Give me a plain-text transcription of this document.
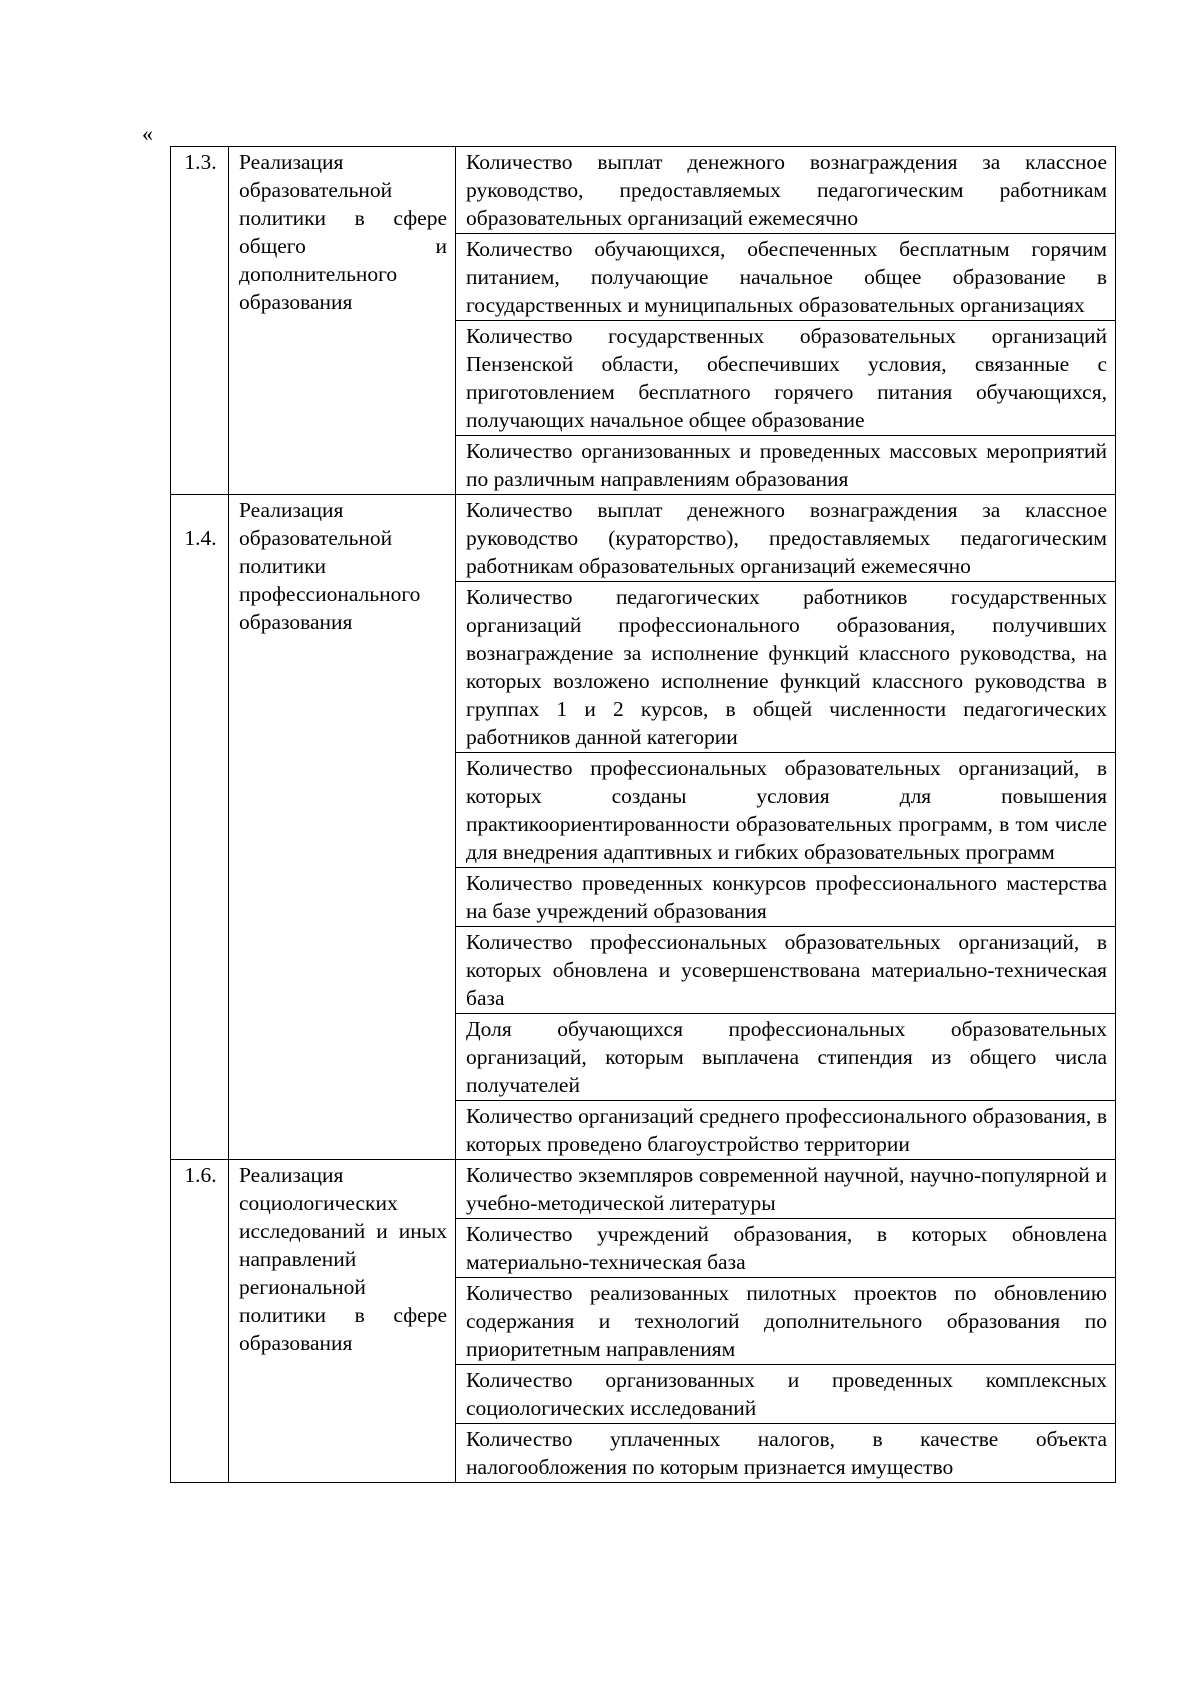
«
1.3.	Реализация образовательной политики в сфере общего и дополнительного образования	Количество выплат денежного вознаграждения за классное руководство, предоставляемых педагогическим работникам образовательных организаций ежемесячно
		Количество обучающихся, обеспеченных бесплатным горячим питанием, получающие начальное общее образование в государственных и муниципальных образовательных организациях
		Количество государственных образовательных организаций Пензенской области, обеспечивших условия, связанные с приготовлением бесплатного горячего питания обучающихся, получающих начальное общее образование
		Количество организованных и проведенных массовых мероприятий по различным направлениям образования
1.4.	Реализация образовательной политики профессионального образования	Количество выплат денежного вознаграждения за классное руководство (кураторство), предоставляемых педагогическим работникам образовательных организаций ежемесячно
		Количество педагогических работников государственных организаций профессионального образования, получивших вознаграждение за исполнение функций классного руководства, на которых возложено исполнение функций классного руководства в группах 1 и 2 курсов, в общей численности педагогических работников данной категории
		Количество профессиональных образовательных организаций, в которых созданы условия для повышения практикоориентированности образовательных программ, в том числе для внедрения адаптивных и гибких образовательных программ
		Количество проведенных конкурсов профессионального мастерства на базе учреждений образования
		Количество профессиональных образовательных организаций, в которых обновлена и усовершенствована материально-техническая база
		Доля обучающихся профессиональных образовательных организаций, которым выплачена стипендия из общего числа получателей
		Количество организаций среднего профессионального образования, в которых проведено благоустройство территории
1.6.	Реализация социологических исследований и иных направлений региональной политики в сфере образования	Количество экземпляров современной научной, научно-популярной и учебно-методической литературы
		Количество учреждений образования, в которых обновлена материально-техническая база
		Количество реализованных пилотных проектов по обновлению содержания и технологий дополнительного образования по приоритетным направлениям
		Количество организованных и проведенных комплексных социологических исследований
		Количество уплаченных налогов, в качестве объекта налогообложения по которым признается имущество
